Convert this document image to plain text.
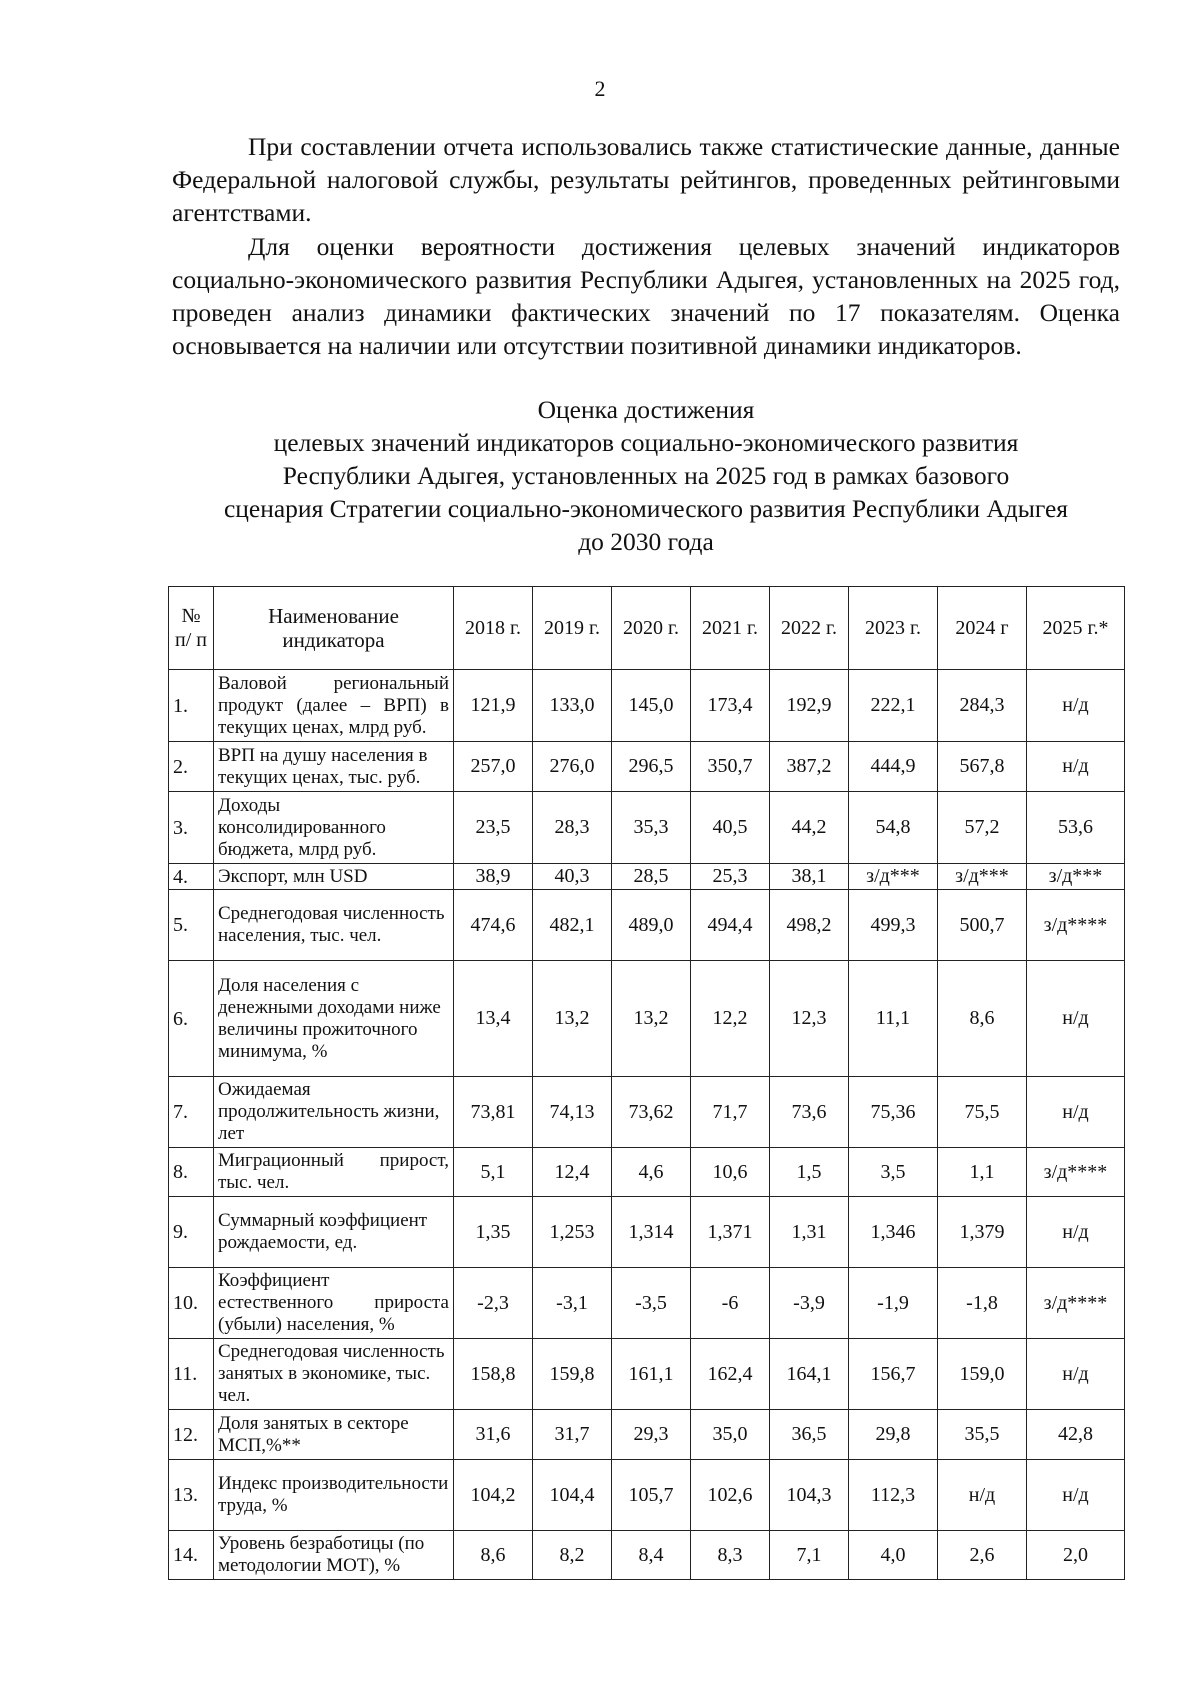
2

При составлении отчета использовались также статистические данные, данные Федеральной налоговой службы, результаты рейтингов, проведенных рейтинговыми агентствами.

Для оценки вероятности достижения целевых значений индикаторов социально-экономического развития Республики Адыгея, установленных на 2025 год, проведен анализ динамики фактических значений по 17 показателям. Оценка основывается на наличии или отсутствии позитивной динамики индикаторов.

Оценка достижения
целевых значений индикаторов социально-экономического развития
Республики Адыгея, установленных на 2025 год в рамках базового
сценария Стратегии социально-экономического развития Республики Адыгея
до 2030 года
№ п/ п	Наименование индикатора	2018 г.	2019 г.	2020 г.	2021 г.	2022 г.	2023 г.	2024 г	2025 г.*
1.	Валовой региональный продукт (далее – ВРП) в текущих ценах, млрд руб.	121,9	133,0	145,0	173,4	192,9	222,1	284,3	н/д
2.	ВРП на душу населения в текущих ценах, тыс. руб.	257,0	276,0	296,5	350,7	387,2	444,9	567,8	н/д
3.	Доходы консолидированного бюджета, млрд руб.	23,5	28,3	35,3	40,5	44,2	54,8	57,2	53,6
4.	Экспорт, млн USD	38,9	40,3	28,5	25,3	38,1	з/д***	з/д***	з/д***
5.	Среднегодовая численность населения, тыс. чел.	474,6	482,1	489,0	494,4	498,2	499,3	500,7	з/д****
6.	Доля населения с денежными доходами ниже величины прожиточного минимума, %	13,4	13,2	13,2	12,2	12,3	11,1	8,6	н/д
7.	Ожидаемая продолжительность жизни, лет	73,81	74,13	73,62	71,7	73,6	75,36	75,5	н/д
8.	Миграционный прирост, тыс. чел.	5,1	12,4	4,6	10,6	1,5	3,5	1,1	з/д****
9.	Суммарный коэффициент рождаемости, ед.	1,35	1,253	1,314	1,371	1,31	1,346	1,379	н/д
10.	Коэффициент естественного прироста (убыли) населения, %	-2,3	-3,1	-3,5	-6	-3,9	-1,9	-1,8	з/д****
11.	Среднегодовая численность занятых в экономике, тыс. чел.	158,8	159,8	161,1	162,4	164,1	156,7	159,0	н/д
12.	Доля занятых в секторе МСП,%**	31,6	31,7	29,3	35,0	36,5	29,8	35,5	42,8
13.	Индекс производительности труда, %	104,2	104,4	105,7	102,6	104,3	112,3	н/д	н/д
14.	Уровень безработицы (по методологии МОТ), %	8,6	8,2	8,4	8,3	7,1	4,0	2,6	2,0
